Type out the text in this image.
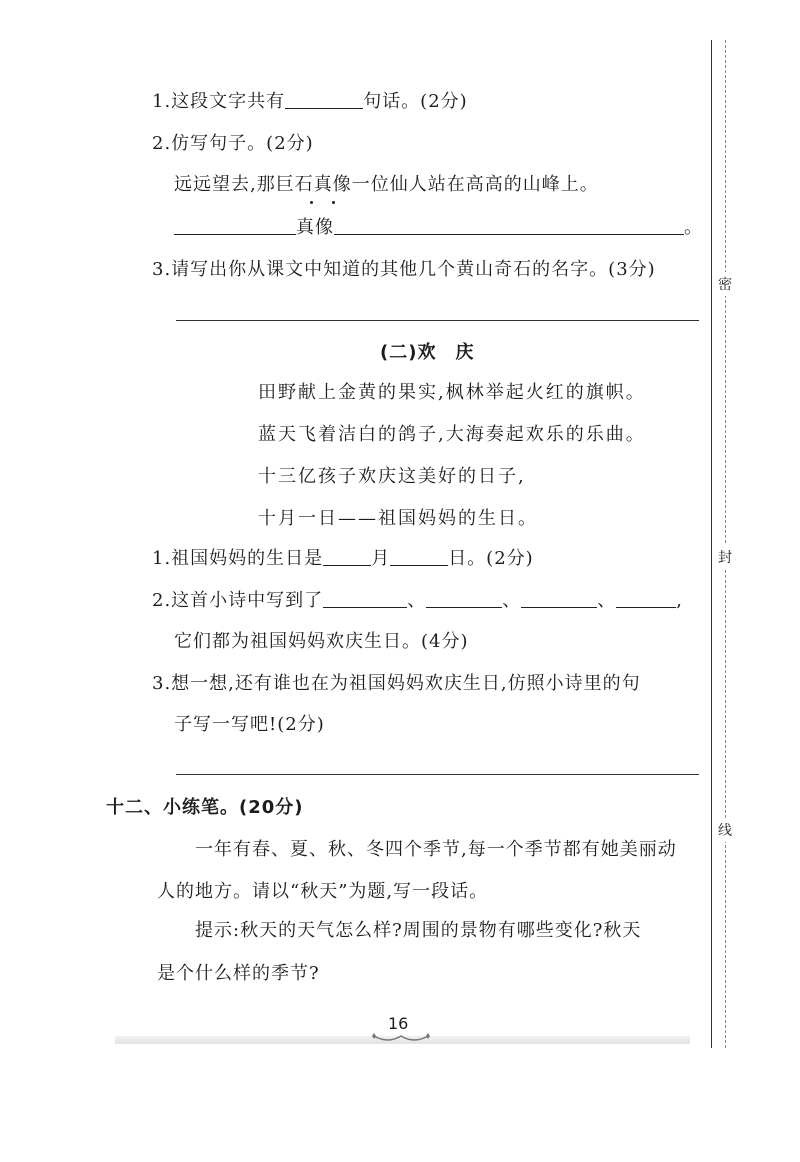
1.这段文字共有	句话。(2分)
2.仿写句子。(2分)
远远望去,那巨石真像一位仙人站在高高的山峰上。
真像	。
3.请写出你从课文中知道的其他几个黄山奇石的名字。(3分)
(二)欢　庆
田野献上金黄的果实,枫林举起火红的旗帜。
蓝天飞着洁白的鸽子,大海奏起欢乐的乐曲。
十三亿孩子欢庆这美好的日子,
十月一日——祖国妈妈的生日。
1.祖国妈妈的生日是	月	日。(2分)
2.这首小诗中写到了	、	、	、	,
它们都为祖国妈妈欢庆生日。(4分)
3.想一想,还有谁也在为祖国妈妈欢庆生日,仿照小诗里的句
子写一写吧!(2分)
十二、小练笔。(20分)
一年有春、夏、秋、冬四个季节,每一个季节都有她美丽动
人的地方。请以“秋天”为题,写一段话。
提示:秋天的天气怎么样?周围的景物有哪些变化?秋天
是个什么样的季节?
16
密
封
线
